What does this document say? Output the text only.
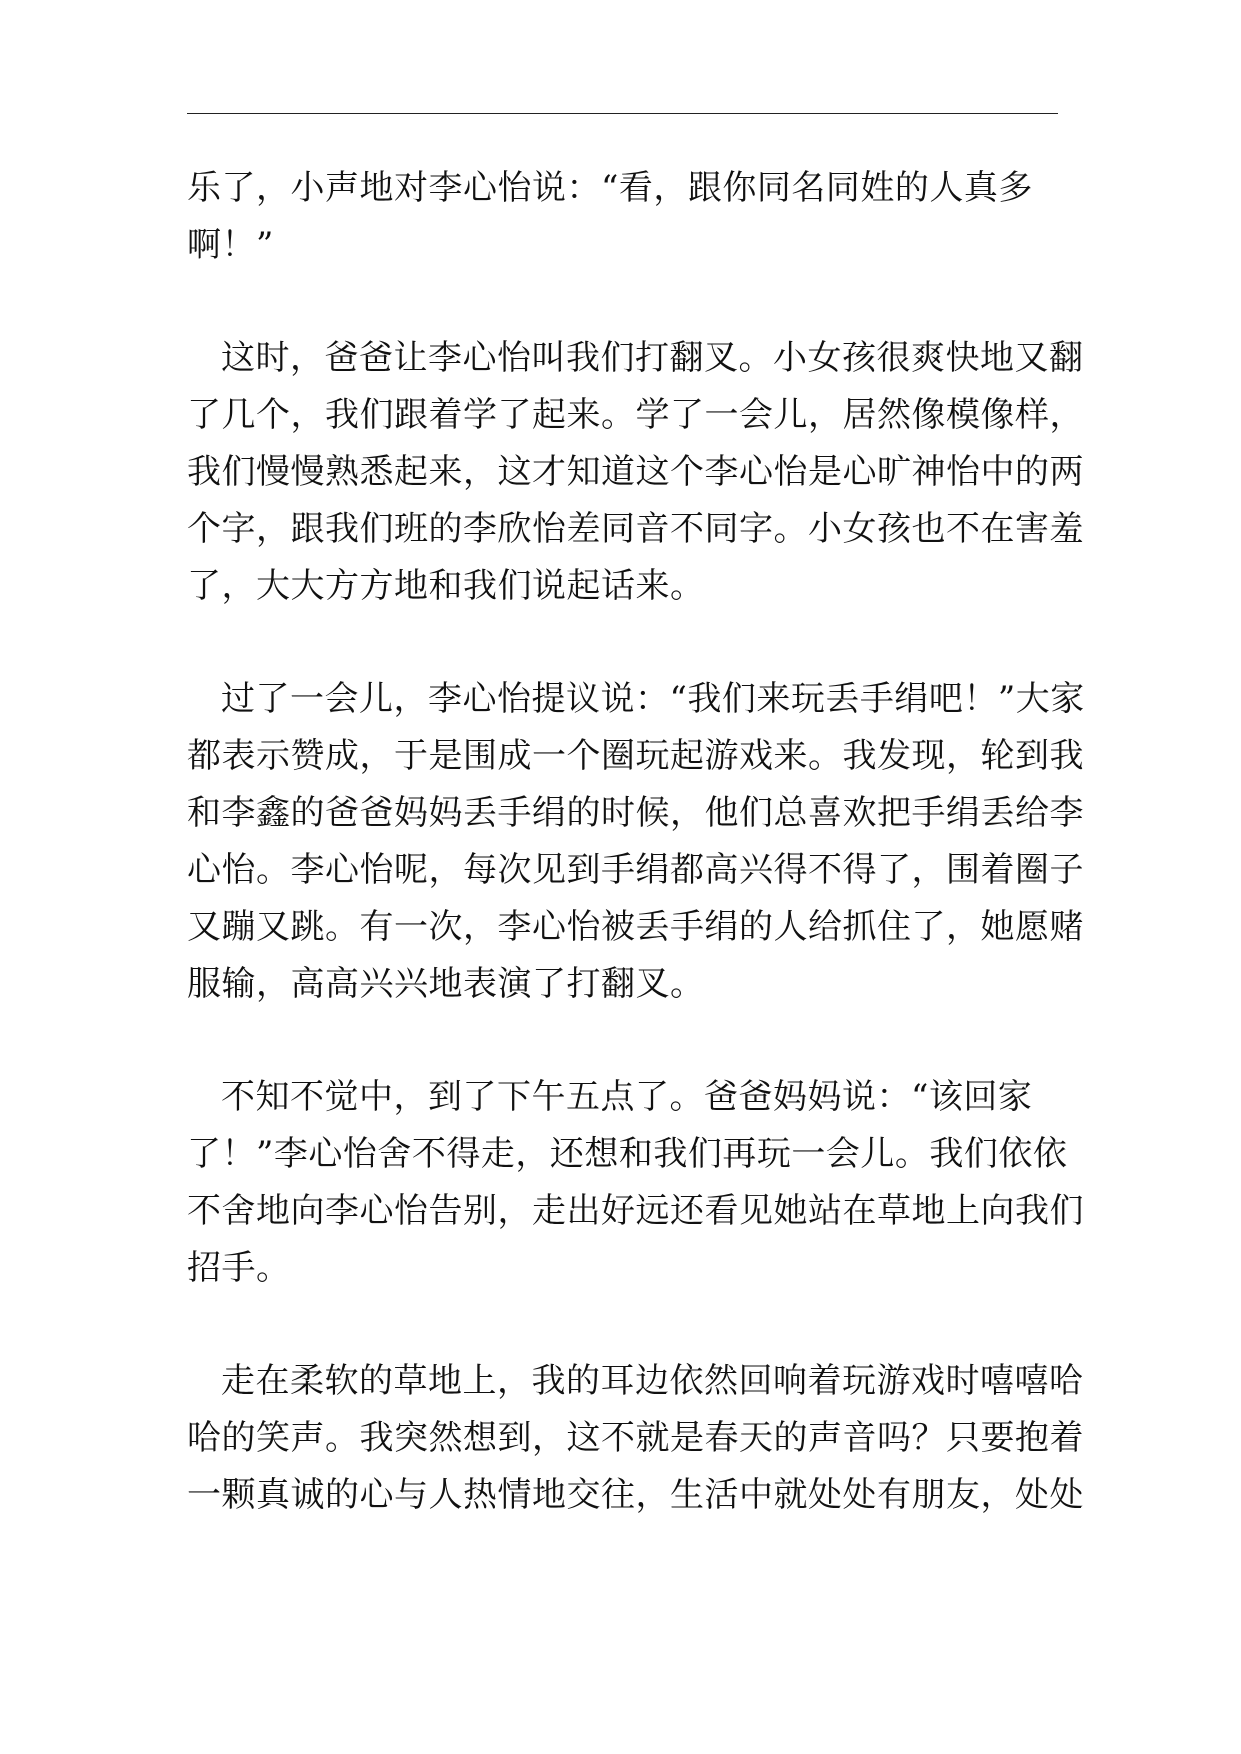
乐了，小声地对李心怡说：“看，跟你同名同姓的人真多
啊！”
这时，爸爸让李心怡叫我们打翻叉。小女孩很爽快地又翻
了几个，我们跟着学了起来。学了一会儿，居然像模像样，
我们慢慢熟悉起来，这才知道这个李心怡是心旷神怡中的两
个字，跟我们班的李欣怡差同音不同字。小女孩也不在害羞
了，大大方方地和我们说起话来。
过了一会儿，李心怡提议说：“我们来玩丢手绢吧！”大家
都表示赞成，于是围成一个圈玩起游戏来。我发现，轮到我
和李鑫的爸爸妈妈丢手绢的时候，他们总喜欢把手绢丢给李
心怡。李心怡呢，每次见到手绢都高兴得不得了，围着圈子
又蹦又跳。有一次，李心怡被丢手绢的人给抓住了，她愿赌
服输，高高兴兴地表演了打翻叉。
不知不觉中，到了下午五点了。爸爸妈妈说：“该回家
了！”李心怡舍不得走，还想和我们再玩一会儿。我们依依
不舍地向李心怡告别，走出好远还看见她站在草地上向我们
招手。
走在柔软的草地上，我的耳边依然回响着玩游戏时嘻嘻哈
哈的笑声。我突然想到，这不就是春天的声音吗？只要抱着
一颗真诚的心与人热情地交往，生活中就处处有朋友，处处
